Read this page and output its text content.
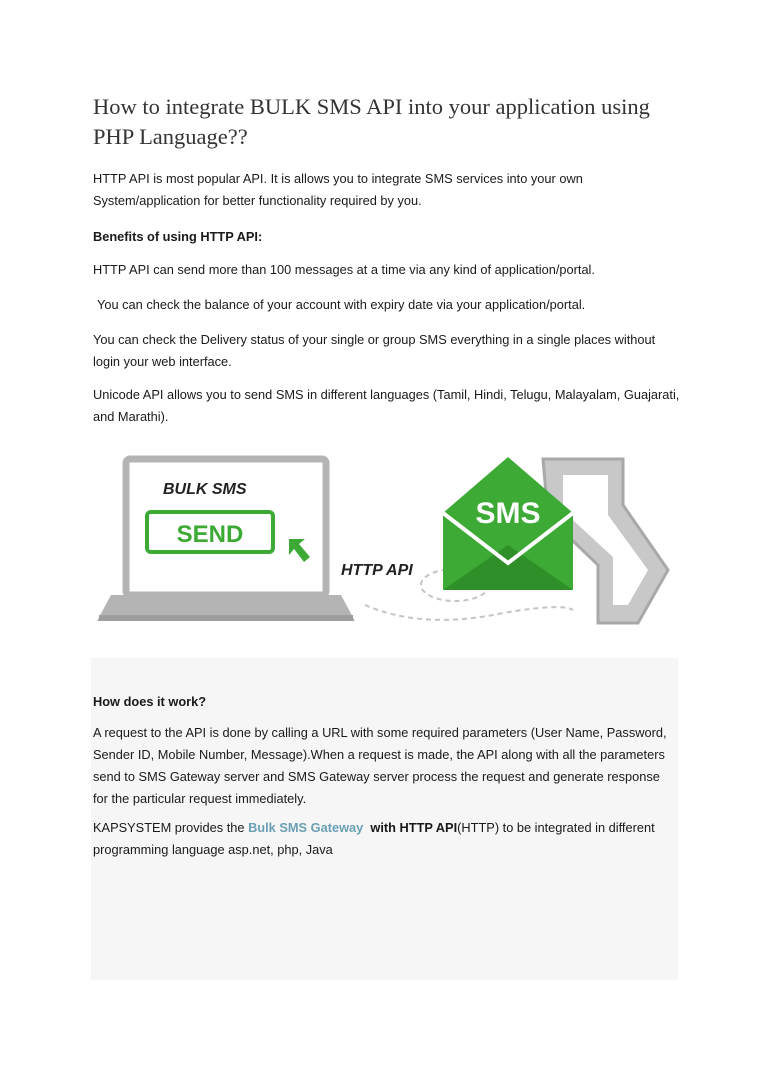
How to integrate BULK SMS API into your application using PHP Language??

HTTP API is most popular API. It is allows you to integrate SMS services into your own System/application for better functionality required by you.

Benefits of using HTTP API:

HTTP API can send more than 100 messages at a time via any kind of application/portal.

You can check the balance of your account with expiry date via your application/portal.

You can check the Delivery status of your single or group SMS everything in a single places without login your web interface.

Unicode API allows you to send SMS in different languages (Tamil, Hindi, Telugu, Malayalam, Guajarati, and Marathi).

BULK SMS
SEND
HTTP API
SMS

How does it work?

A request to the API is done by calling a URL with some required parameters (User Name, Password, Sender ID, Mobile Number, Message).When a request is made, the API along with all the parameters send to SMS Gateway server and SMS Gateway server process the request and generate response for the particular request immediately.

KAPSYSTEM provides the Bulk SMS Gateway with HTTP API(HTTP) to be integrated in different programming language asp.net, php, Java
